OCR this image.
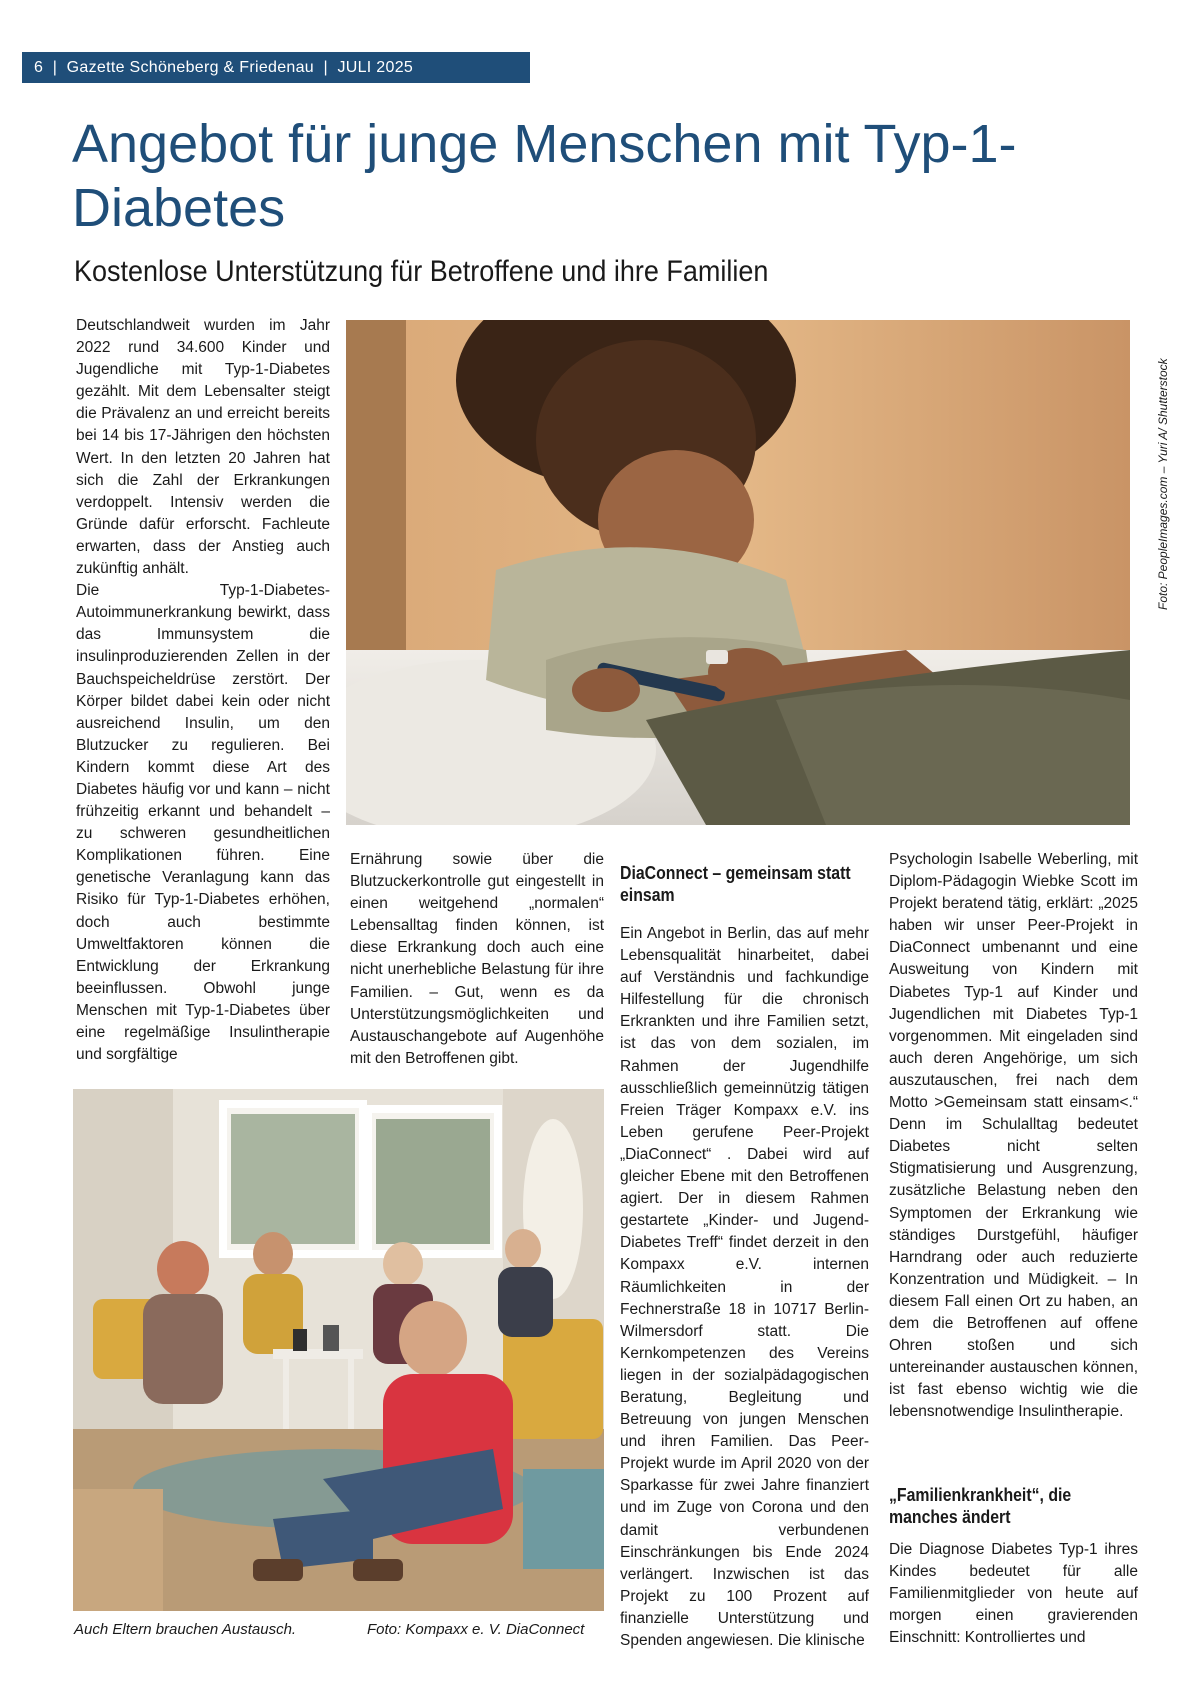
6  |  Gazette Schöneberg & Friedenau  |  JULI 2025
Angebot für junge Menschen mit Typ-1-Diabetes
Kostenlose Unterstützung für Betroffene und ihre Familien

Deutschlandweit wurden im Jahr 2022 rund 34.600 Kinder und Jugendliche mit Typ-1-Diabetes gezählt. Mit dem Lebensalter steigt die Prävalenz an und erreicht bereits bei 14 bis 17-Jährigen den höchsten Wert. In den letzten 20 Jahren hat sich die Zahl der Erkrankungen verdoppelt. Intensiv werden die Gründe dafür erforscht. Fachleute erwarten, dass der Anstieg auch zukünftig anhält.

Die Typ-1-Diabetes-Autoimmunerkrankung bewirkt, dass das Immunsystem die insulinproduzierenden Zellen in der Bauchspeicheldrüse zerstört. Der Körper bildet dabei kein oder nicht ausreichend Insulin, um den Blutzucker zu regulieren. Bei Kindern kommt diese Art des Diabetes häufig vor und kann – nicht frühzeitig erkannt und behandelt – zu schweren gesundheitlichen Komplikationen führen. Eine genetische Veranlagung kann das Risiko für Typ-1-Diabetes erhöhen, doch auch bestimmte Umweltfaktoren können die Entwicklung der Erkrankung beeinflussen. Obwohl junge Menschen mit Typ-1-Diabetes über eine regelmäßige Insulintherapie und sorgfältige

Foto: PeopleImages.com – Yuri A/ Shutterstock

Ernährung sowie über die Blutzuckerkontrolle gut eingestellt in einen weitgehend „normalen“ Lebensalltag finden können, ist diese Erkrankung doch auch eine nicht unerhebliche Belastung für ihre Familien. – Gut, wenn es da Unterstützungsmöglichkeiten und Austauschangebote auf Augenhöhe mit den Betroffenen gibt.

DiaConnect – gemeinsam statt einsam

Ein Angebot in Berlin, das auf mehr Lebensqualität hinarbeitet, dabei auf Verständnis und fachkundige Hilfestellung für die chronisch Erkrankten und ihre Familien setzt, ist das von dem sozialen, im Rahmen der Jugendhilfe ausschließlich gemeinnützig tätigen Freien Träger Kompaxx e.V. ins Leben gerufene Peer-Projekt „DiaConnect“ . Dabei wird auf gleicher Ebene mit den Betroffenen agiert. Der in diesem Rahmen gestartete „Kinder- und Jugend-Diabetes Treff“ findet derzeit in den Kompaxx e.V. internen Räumlichkeiten in der Fechnerstraße 18 in 10717 Berlin-Wilmersdorf statt. Die Kernkompetenzen des Vereins liegen in der sozialpädagogischen Beratung, Begleitung und Betreuung von jungen Menschen und ihren Familien. Das Peer-Projekt wurde im April 2020 von der Sparkasse für zwei Jahre finanziert und im Zuge von Corona und den damit verbundenen Einschränkungen bis Ende 2024 verlängert. Inzwischen ist das Projekt zu 100 Prozent auf finanzielle Unterstützung und Spenden angewiesen. Die klinische

Psychologin Isabelle Weberling, mit Diplom-Pädagogin Wiebke Scott im Projekt beratend tätig, erklärt: „2025 haben wir unser Peer-Projekt in DiaConnect umbenannt und eine Ausweitung von Kindern mit Diabetes Typ-1 auf Kinder und Jugendlichen mit Diabetes Typ-1 vorgenommen. Mit eingeladen sind auch deren Angehörige, um sich auszutauschen, frei nach dem Motto >Gemeinsam statt einsam<.“ Denn im Schulalltag bedeutet Diabetes nicht selten Stigmatisierung und Ausgrenzung, zusätzliche Belastung neben den Symptomen der Erkrankung wie ständiges Durstgefühl, häufiger Harndrang oder auch reduzierte Konzentration und Müdigkeit. – In diesem Fall einen Ort zu haben, an dem die Betroffenen auf offene Ohren stoßen und sich untereinander austauschen können, ist fast ebenso wichtig wie die lebensnotwendige Insulintherapie.

„Familienkrankheit“, die manches ändert

Die Diagnose Diabetes Typ-1 ihres Kindes bedeutet für alle Familienmitglieder von heute auf morgen einen gravierenden Einschnitt: Kontrolliertes und

Auch Eltern brauchen Austausch.	Foto: Kompaxx e. V. DiaConnect
